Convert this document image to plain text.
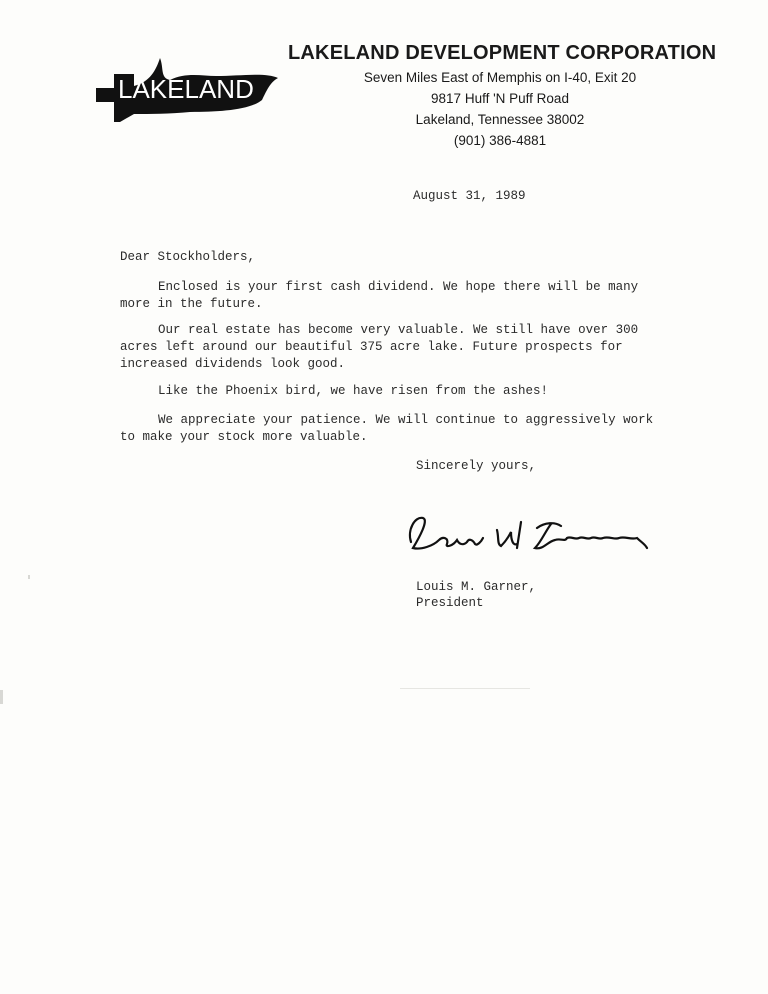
LAKELAND
LAKELAND DEVELOPMENT CORPORATION
Seven Miles East of Memphis on I-40, Exit 20
9817 Huff 'N Puff Road
Lakeland, Tennessee 38002
(901) 386-4881
August 31, 1989
Dear Stockholders,
Enclosed is your first cash dividend. We hope there will be many
more in the future.
Our real estate has become very valuable. We still have over 300
acres left around our beautiful 375 acre lake. Future prospects for
increased dividends look good.
Like the Phoenix bird, we have risen from the ashes!
We appreciate your patience. We will continue to aggressively work
to make your stock more valuable.
Sincerely yours,
Louis M. Garner,
President
